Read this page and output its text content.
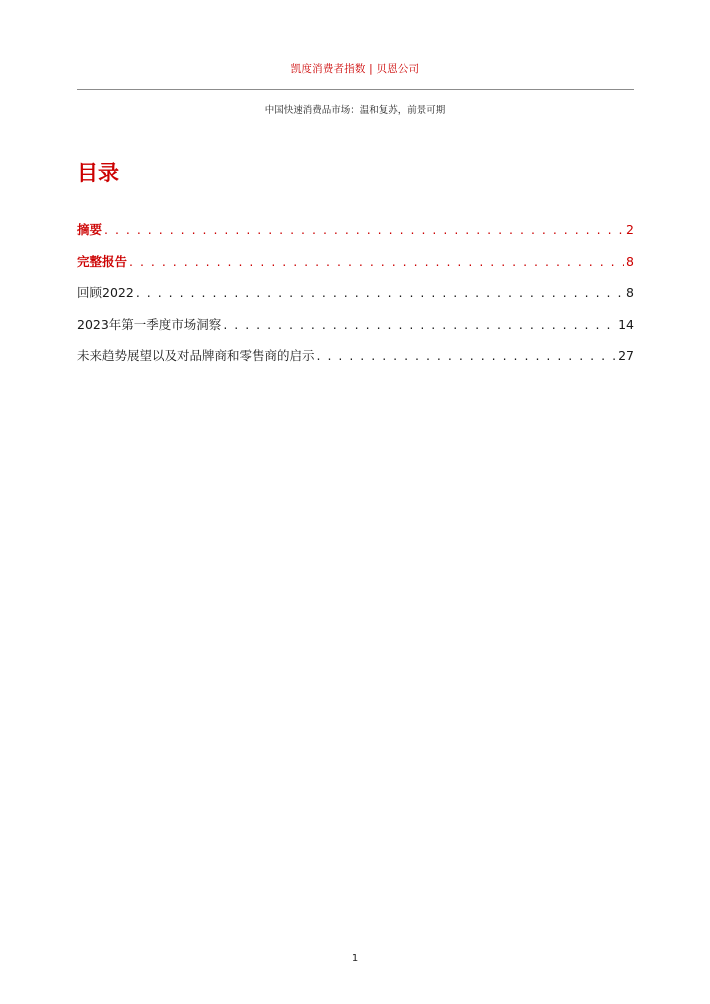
凯度消费者指数 | 贝恩公司
中国快速消费品市场：温和复苏，前景可期
目录
摘要 . . .	2
完整报告 . . .	8
回顾2022 . . .	8
2023年第一季度市场洞察 . . .	14
未来趋势展望以及对品牌商和零售商的启示 . . .	27
1
